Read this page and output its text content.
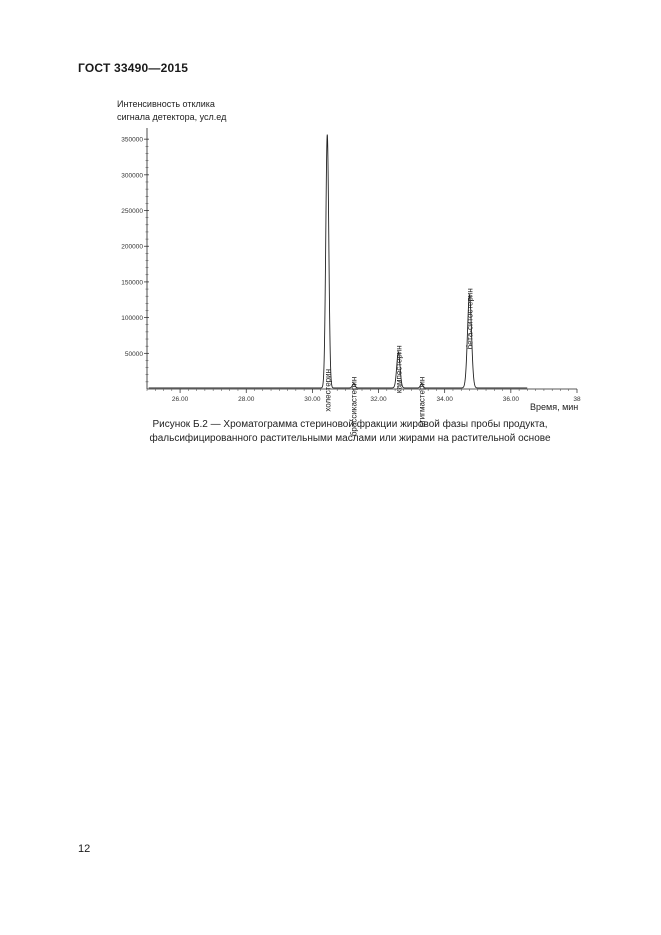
ГОСТ 33490—2015
Интенсивность отклика
сигнала детектора, усл.ед
50000
100000
150000
200000
250000
300000
350000
26.00	28.00	30.00	32.00	34.00	36.00	38
холестерин брассикастерин
кампестерин
стигмастерин
бета-ситостерин
Время, мин
Рисунок Б.2 — Хроматограмма стериновой фракции жировой фазы пробы продукта,
фальсифицированного растительными маслами или жирами на растительной основе
12
